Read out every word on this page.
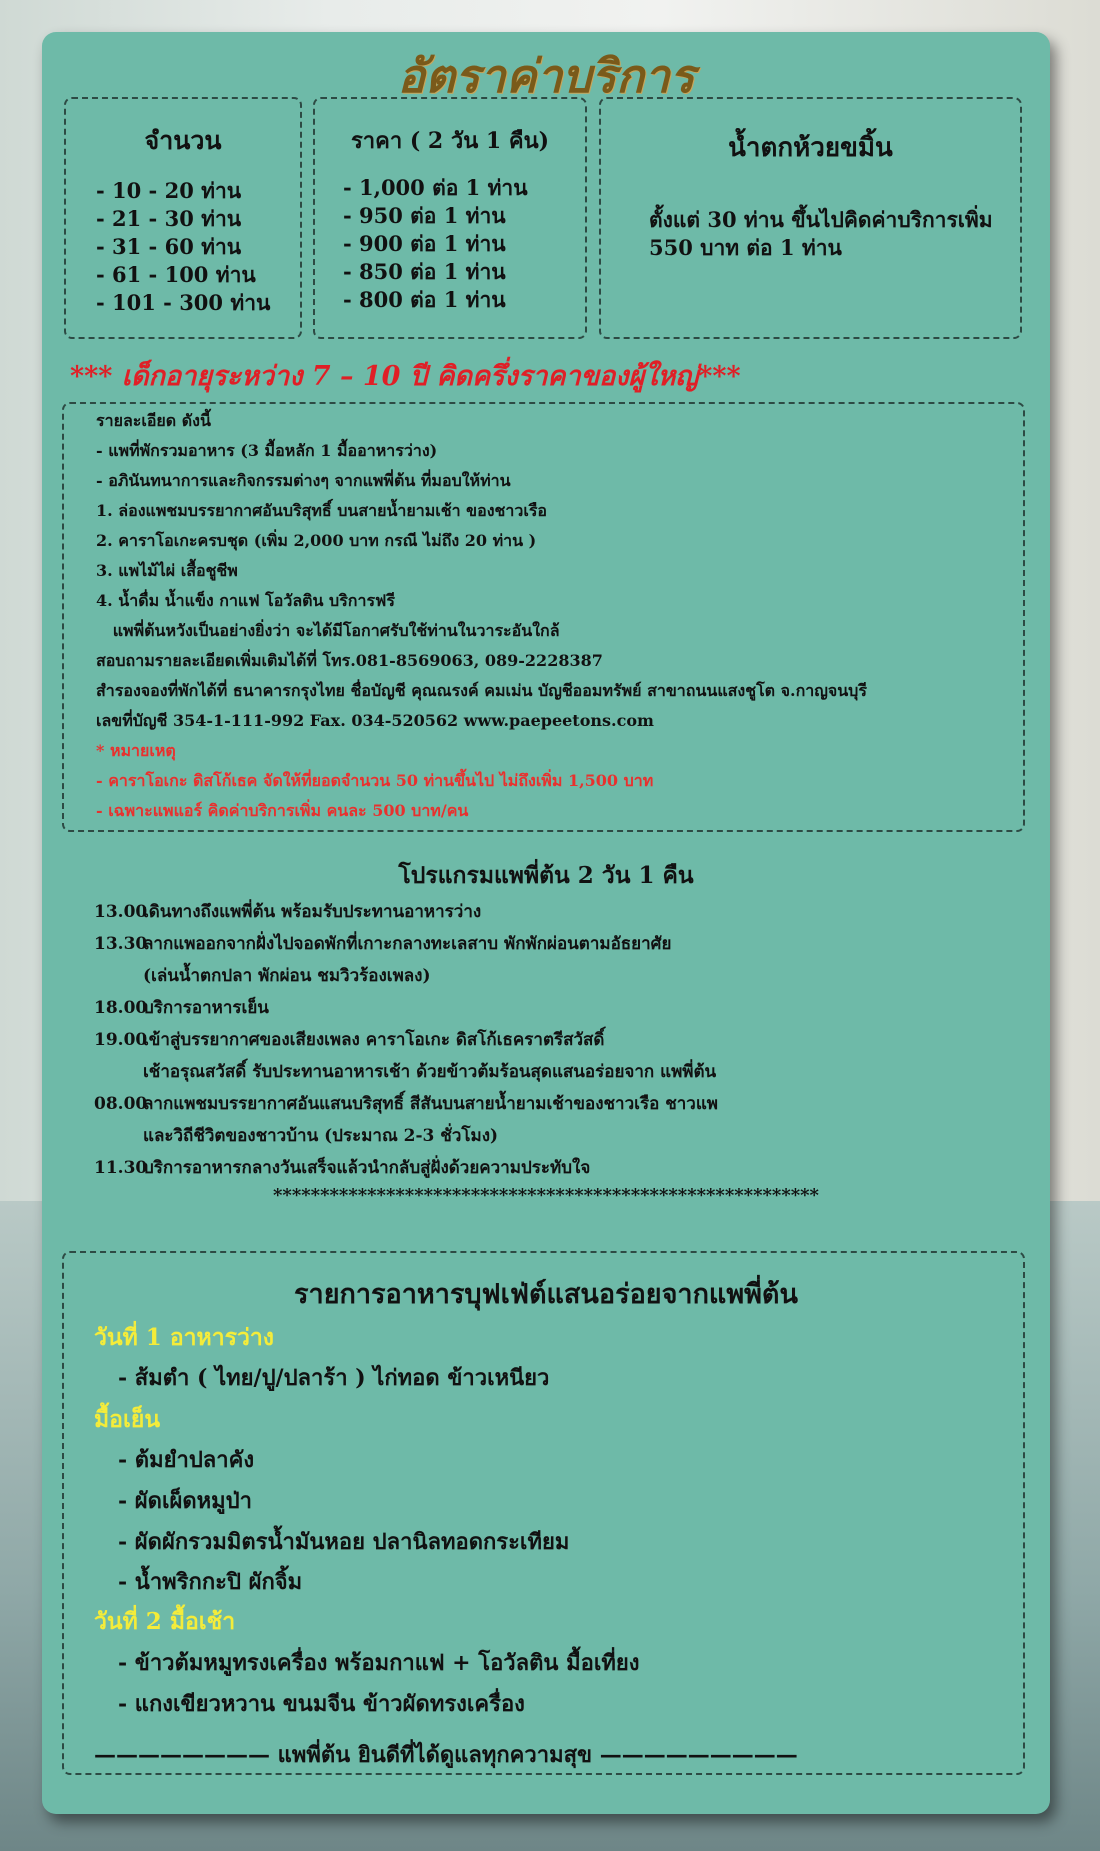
อัตราค่าบริการ
จำนวน
- 10 - 20 ท่าน
- 21 - 30 ท่าน
- 31 - 60 ท่าน
- 61 - 100 ท่าน
- 101 - 300 ท่าน
ราคา ( 2 วัน 1 คืน)
- 1,000 ต่อ 1 ท่าน
- 950 ต่อ 1 ท่าน
- 900 ต่อ 1 ท่าน
- 850 ต่อ 1 ท่าน
- 800 ต่อ 1 ท่าน
น้ำตกห้วยขมิ้น
ตั้งแต่ 30 ท่าน ขึ้นไปคิดค่าบริการเพิ่ม
550 บาท ต่อ 1 ท่าน
*** เด็กอายุระหว่าง 7 – 10 ปี คิดครึ่งราคาของผู้ใหญ่***
รายละเอียด ดังนี้
- แพที่พักรวมอาหาร (3 มื้อหลัก 1 มื้ออาหารว่าง)
- อภินันทนาการและกิจกรรมต่างๆ จากแพพี่ต้น ที่มอบให้ท่าน
1. ล่องแพชมบรรยากาศอันบริสุทธิ์ บนสายน้ำยามเช้า ของชาวเรือ
2. คาราโอเกะครบชุด (เพิ่ม 2,000 บาท กรณี ไม่ถึง 20 ท่าน )
3. แพไม้ไผ่ เสื้อชูชีพ
4. น้ำดื่ม น้ำแข็ง กาแฟ โอวัลติน บริการฟรี
แพพี่ต้นหวังเป็นอย่างยิ่งว่า จะได้มีโอกาศรับใช้ท่านในวาระอันใกล้
สอบถามรายละเอียดเพิ่มเติมได้ที่ โทร.081-8569063, 089-2228387
สำรองจองที่พักได้ที่ ธนาคารกรุงไทย ชื่อบัญชี คุณณรงค์ คมเม่น บัญชีออมทรัพย์ สาขาถนนแสงชูโต จ.กาญจนบุรี
เลขที่บัญชี 354-1-111-992 Fax. 034-520562 www.paepeetons.com
* หมายเหตุ
- คาราโอเกะ ดิสโก้เธค จัดให้ที่ยอดจำนวน 50 ท่านขึ้นไป ไม่ถึงเพิ่ม 1,500 บาท
- เฉพาะแพแอร์ คิดค่าบริการเพิ่ม คนละ 500 บาท/คน
โปรแกรมแพพี่ต้น 2 วัน 1 คืน
13.00เดินทางถึงแพพี่ต้น พร้อมรับประทานอาหารว่าง
13.30ลากแพออกจากฝั่งไปจอดพักที่เกาะกลางทะเลสาบ พักพักผ่อนตามอัธยาศัย
(เล่นน้ำตกปลา พักผ่อน ชมวิวร้องเพลง)
18.00บริการอาหารเย็น
19.00เข้าสู่บรรยากาศของเสียงเพลง คาราโอเกะ ดิสโก้เธคราตรีสวัสดิ์
เช้าอรุณสวัสดิ์ รับประทานอาหารเช้า ด้วยข้าวต้มร้อนสุดแสนอร่อยจาก แพพี่ต้น
08.00ลากแพชมบรรยากาศอันแสนบริสุทธิ์ สีสันบนสายน้ำยามเช้าของชาวเรือ ชาวแพ
และวิถีชีวิตของชาวบ้าน (ประมาณ 2-3 ชั่วโมง)
11.30บริการอาหารกลางวันเสร็จแล้วนำกลับสู่ฝั่งด้วยความประทับใจ
**********************************************************
รายการอาหารบุฟเฟ่ต์แสนอร่อยจากแพพี่ต้น
วันที่ 1 อาหารว่าง
- ส้มตำ ( ไทย/ปู/ปลาร้า ) ไก่ทอด ข้าวเหนียว
มื้อเย็น
- ต้มยำปลาคัง
- ผัดเผ็ดหมูป่า
- ผัดผักรวมมิตรน้ำมันหอย ปลานิลทอดกระเทียม
- น้ำพริกกะปิ ผักจิ้ม
วันที่ 2 มื้อเช้า
- ข้าวต้มหมูทรงเครื่อง พร้อมกาแฟ + โอวัลติน มื้อเที่ยง
- แกงเขียวหวาน ขนมจีน ข้าวผัดทรงเครื่อง
———————— แพพี่ต้น ยินดีที่ได้ดูแลทุกความสุข —————————
